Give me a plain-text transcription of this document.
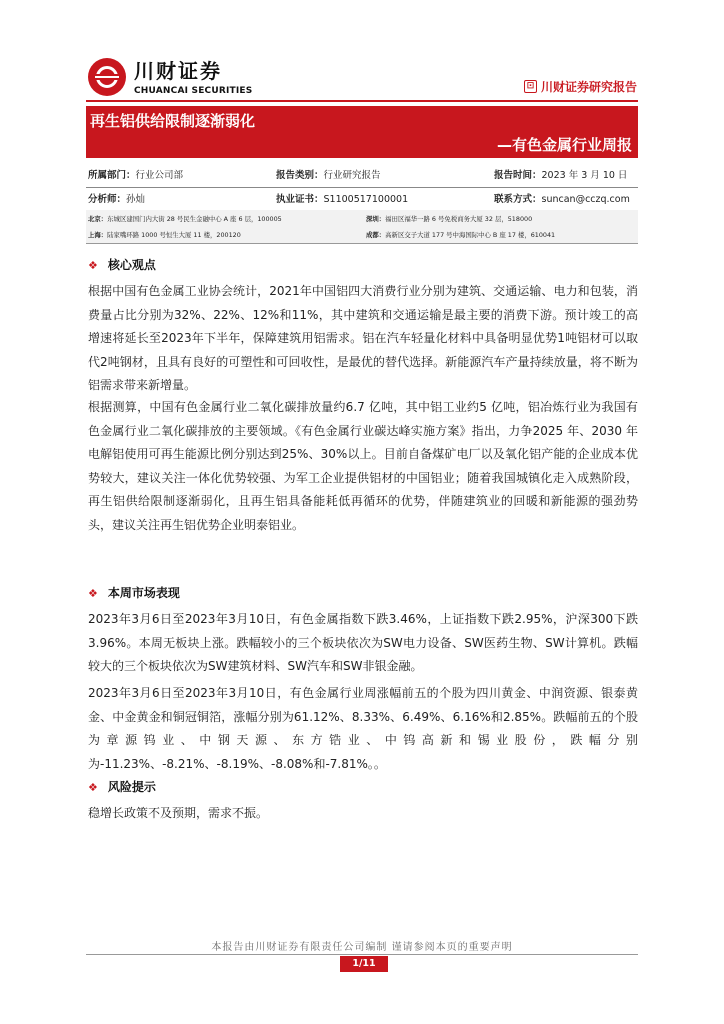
川财证券
CHUANCAI SECURITIES	⊡ 川财证券研究报告
再生铝供给限制逐渐弱化
—有色金属行业周报
所属部门：行业公司部	报告类别：行业研究报告	报告时间：2023 年 3 月 10 日
分析师：孙灿	执业证书：S1100517100001	联系方式：suncan@cczq.com
北京：东城区建国门内大街 28 号民生金融中心 A 座 6 层，100005	深圳：福田区福华一路 6 号免税商务大厦 32 层，518000
上海：陆家嘴环路 1000 号恒生大厦 11 楼，200120	成都：高新区交子大道 177 号中海国际中心 B 座 17 楼，610041
❖ 核心观点
根据中国有色金属工业协会统计，2021年中国铝四大消费行业分别为建筑、交通运输、电力和包装，消费量占比分别为32%、22%、12%和11%，其中建筑和交通运输是最主要的消费下游。预计竣工的高增速将延长至2023年下半年，保障建筑用铝需求。铝在汽车轻量化材料中具备明显优势1吨铝材可以取代2吨钢材，且具有良好的可塑性和可回收性，是最优的替代选择。新能源汽车产量持续放量，将不断为铝需求带来新增量。
根据测算，中国有色金属行业二氧化碳排放量约6.7 亿吨，其中铝工业约5 亿吨，铝冶炼行业为我国有色金属行业二氧化碳排放的主要领域。《有色金属行业碳达峰实施方案》指出，力争2025 年、2030 年电解铝使用可再生能源比例分别达到25%、30%以上。目前自备煤矿电厂以及氧化铝产能的企业成本优势较大，建议关注一体化优势较强、为军工企业提供铝材的中国铝业；随着我国城镇化走入成熟阶段，再生铝供给限制逐渐弱化，且再生铝具备能耗低再循环的优势，伴随建筑业的回暖和新能源的强劲势头，建议关注再生铝优势企业明泰铝业。
❖ 本周市场表现
2023年3月6日至2023年3月10日，有色金属指数下跌3.46%，上证指数下跌2.95%，沪深300下跌3.96%。本周无板块上涨。跌幅较小的三个板块依次为SW电力设备、SW医药生物、SW计算机。跌幅较大的三个板块依次为SW建筑材料、SW汽车和SW非银金融。
2023年3月6日至2023年3月10日，有色金属行业周涨幅前五的个股为四川黄金、中润资源、银泰黄金、中金黄金和铜冠铜箔，涨幅分别为61.12%、8.33%、6.49%、6.16%和2.85%。跌幅前五的个股为章源钨业、中钢天源、东方锆业、中钨高新和锡业股份，跌幅分别为-11.23%、-8.21%、-8.19%、-8.08%和-7.81%。。
❖ 风险提示
稳增长政策不及预期，需求不振。
本报告由川财证券有限责任公司编制 谨请参阅本页的重要声明
1/11
